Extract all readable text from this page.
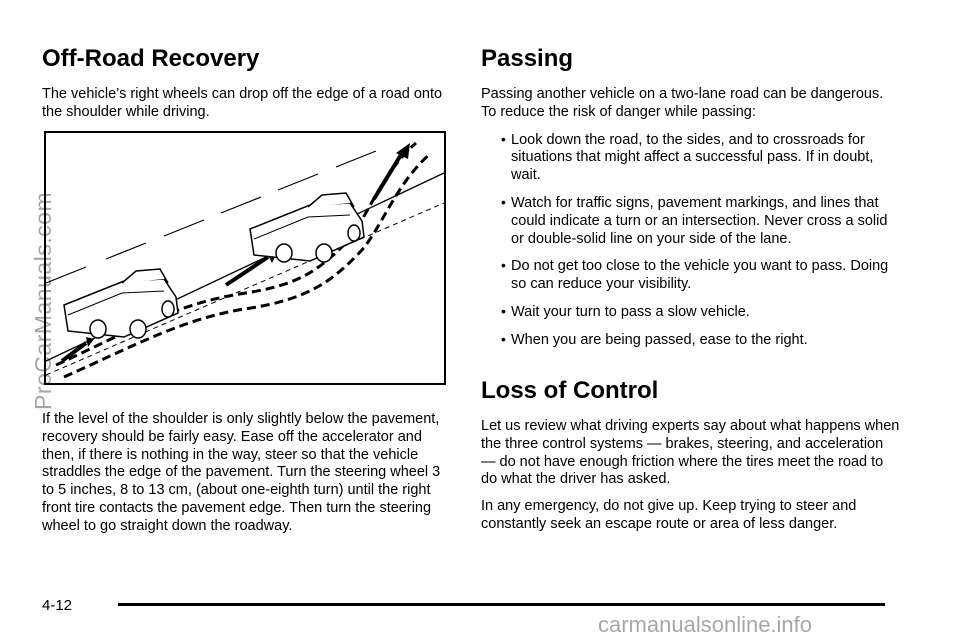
Off-Road Recovery

The vehicle’s right wheels can drop off the edge of a road onto the shoulder while driving.

If the level of the shoulder is only slightly below the pavement, recovery should be fairly easy. Ease off the accelerator and then, if there is nothing in the way, steer so that the vehicle straddles the edge of the pavement. Turn the steering wheel 3 to 5 inches, 8 to 13 cm, (about one-eighth turn) until the right front tire contacts the pavement edge. Then turn the steering wheel to go straight down the roadway.

Passing

Passing another vehicle on a two-lane road can be dangerous. To reduce the risk of danger while passing:

• Look down the road, to the sides, and to crossroads for situations that might affect a successful pass. If in doubt, wait.
• Watch for traffic signs, pavement markings, and lines that could indicate a turn or an intersection. Never cross a solid or double-solid line on your side of the lane.
• Do not get too close to the vehicle you want to pass. Doing so can reduce your visibility.
• Wait your turn to pass a slow vehicle.
• When you are being passed, ease to the right.
Loss of Control

Let us review what driving experts say about what happens when the three control systems — brakes, steering, and acceleration — do not have enough friction where the tires meet the road to do what the driver has asked.

In any emergency, do not give up. Keep trying to steer and constantly seek an escape route or area of less danger.

4-12
ProCarManuals.com
carmanualsonline.info
